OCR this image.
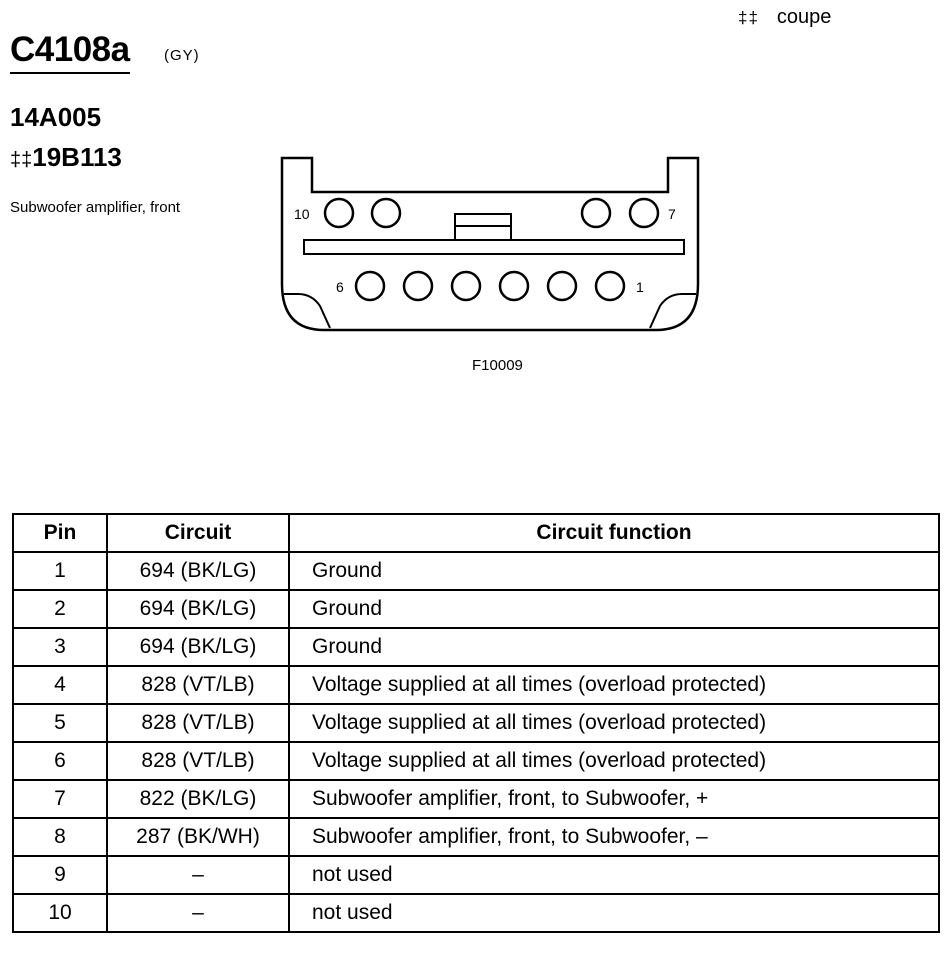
‡‡ coupe
C4108a (GY)
14A005
‡‡19B113
Subwoofer amplifier, front	10	7
6	1
F10009
Pin	Circuit	Circuit function
1	694 (BK/LG)	Ground
2	694 (BK/LG)	Ground
3	694 (BK/LG)	Ground
4	828 (VT/LB)	Voltage supplied at all times (overload protected)
5	828 (VT/LB)	Voltage supplied at all times (overload protected)
6	828 (VT/LB)	Voltage supplied at all times (overload protected)
7	822 (BK/LG)	Subwoofer amplifier, front, to Subwoofer, +
8	287 (BK/WH)	Subwoofer amplifier, front, to Subwoofer, –
9	–	not used
10	–	not used
